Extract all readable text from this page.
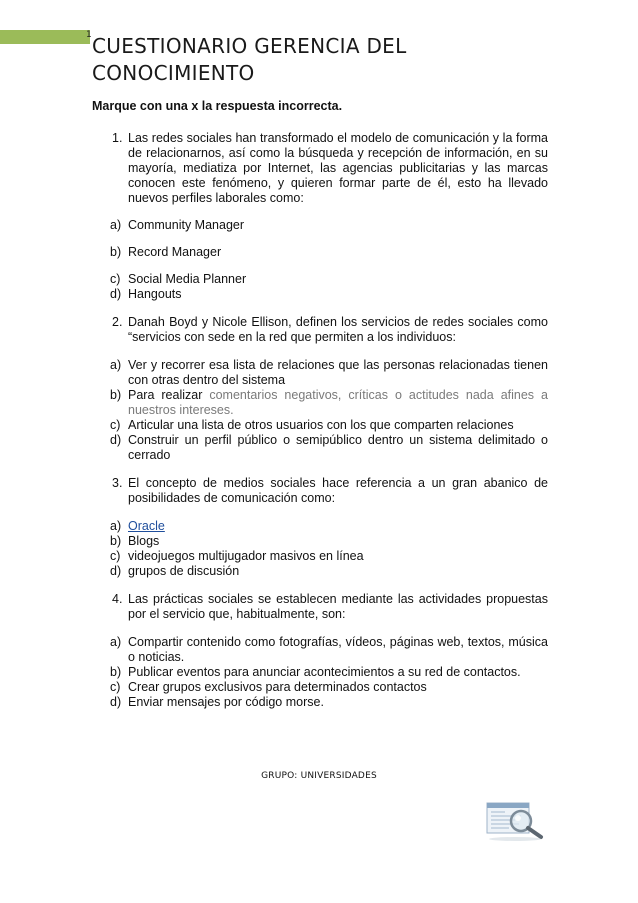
1 CUESTIONARIO GERENCIA DEL CONOCIMIENTO
Marque con una x la respuesta incorrecta.
1. Las redes sociales han transformado el modelo de comunicación y la forma de relacionarnos, así como la búsqueda y recepción de información, en su mayoría, mediatiza por Internet, las agencias publicitarias y las marcas conocen este fenómeno, y quieren formar parte de él, esto ha llevado nuevos perfiles laborales como:
a) Community Manager
b) Record Manager
c) Social Media Planner
d) Hangouts
2. Danah Boyd y Nicole Ellison, definen los servicios de redes sociales como “servicios con sede en la red que permiten a los individuos:
a) Ver y recorrer esa lista de relaciones que las personas relacionadas tienen con otras dentro del sistema
b) Para realizar comentarios negativos, críticas o actitudes nada afines a nuestros intereses.
c) Articular una lista de otros usuarios con los que comparten relaciones
d) Construir un perfil público o semipúblico dentro un sistema delimitado o cerrado
3. El concepto de medios sociales hace referencia a un gran abanico de posibilidades de comunicación como:
a) Oracle
b) Blogs
c) videojuegos multijugador masivos en línea
d) grupos de discusión
4. Las prácticas sociales se establecen mediante las actividades propuestas por el servicio que, habitualmente, son:
a) Compartir contenido como fotografías, vídeos, páginas web, textos, música o noticias.
b) Publicar eventos para anunciar acontecimientos a su red de contactos.
c) Crear grupos exclusivos para determinados contactos
d) Enviar mensajes por código morse.
GRUPO: UNIVERSIDADES
